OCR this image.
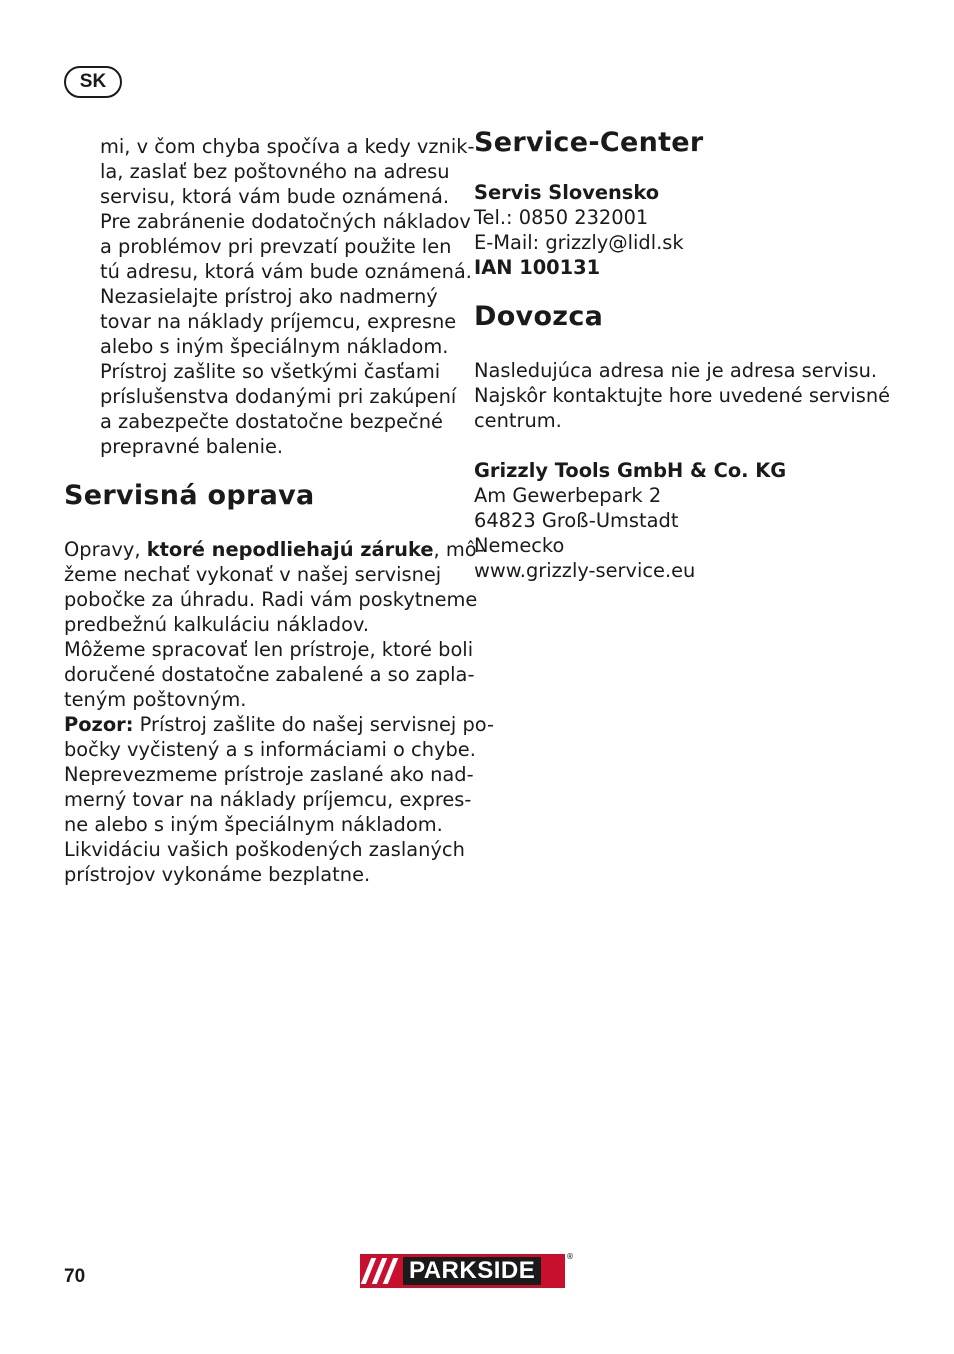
SK
mi, v čom chyba spočíva a kedy vznik-
la, zaslať bez poštovného na adresu
servisu, ktorá vám bude oznámená.
Pre zabránenie dodatočných nákladov
a problémov pri prevzatí použite len
tú adresu, ktorá vám bude oznámená.
Nezasielajte prístroj ako nadmerný
tovar na náklady príjemcu, expresne
alebo s iným špeciálnym nákladom.
Prístroj zašlite so všetkými časťami
príslušenstva dodanými pri zakúpení
a zabezpečte dostatočne bezpečné
prepravné balenie.
Servisná oprava
Opravy, ktoré nepodliehajú záruke, mô-
žeme nechať vykonať v našej servisnej
pobočke za úhradu. Radi vám poskytneme
predbežnú kalkuláciu nákladov.
Môžeme spracovať len prístroje, ktoré boli
doručené dostatočne zabalené a so zapla-
teným poštovným.
Pozor: Prístroj zašlite do našej servisnej po-
bočky vyčistený a s informáciami o chybe.
Neprevezmeme prístroje zaslané ako nad-
merný tovar na náklady príjemcu, expres-
ne alebo s iným špeciálnym nákladom.
Likvidáciu vašich poškodených zaslaných
prístrojov vykonáme bezplatne.
Service-Center
Servis Slovensko
Tel.: 0850 232001
E-Mail: grizzly@lidl.sk
IAN 100131
Dovozca
Nasledujúca adresa nie je adresa servisu.
Najskôr kontaktujte hore uvedené servisné
centrum.
Grizzly Tools GmbH & Co. KG
Am Gewerbepark 2
64823 Groß-Umstadt
Nemecko
www.grizzly-service.eu
70	PARKSIDE
®
